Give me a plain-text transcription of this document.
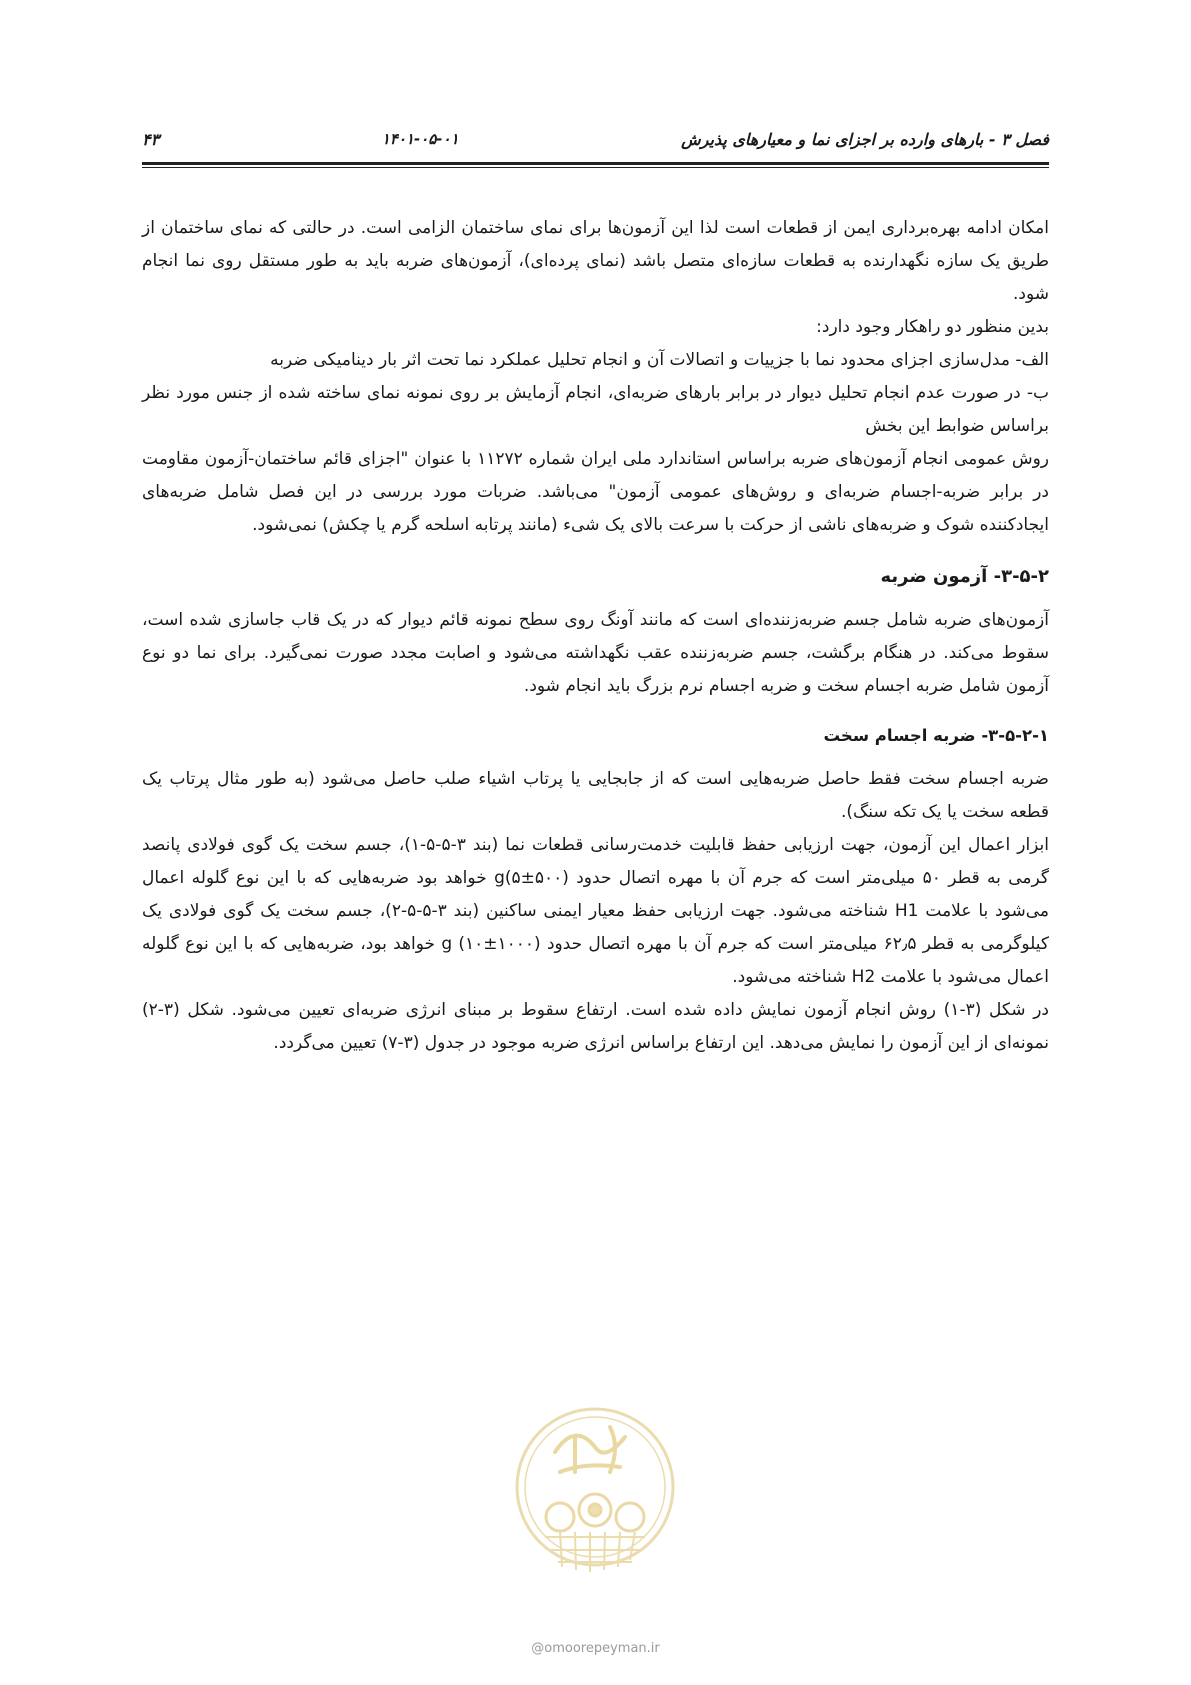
۴۳	۱۴۰۱-۰۵-۰۱	فصل ۳ - بارهای وارده بر اجزای نما و معیارهای پذیرش

امکان ادامه بهره‌برداری ایمن از قطعات است لذا این آزمون‌ها برای نمای ساختمان الزامی است. در حالتی که نمای ساختمان از طریق یک سازه نگهدارنده به قطعات سازه‌ای متصل باشد (نمای پرده‌ای)، آزمون‌های ضربه باید به طور مستقل روی نما انجام شود.

بدین منظور دو راهکار وجود دارد:

الف- مدل‌سازی اجزای محدود نما با جزییات و اتصالات آن و انجام تحلیل عملکرد نما تحت اثر بار دینامیکی ضربه

ب- در صورت عدم انجام تحلیل دیوار در برابر بارهای ضربه‌ای، انجام آزمایش بر روی نمونه نمای ساخته شده از جنس مورد نظر براساس ضوابط این بخش

روش عمومی انجام آزمون‌های ضربه براساس استاندارد ملی ایران شماره ۱۱۲۷۲ با عنوان "اجزای قائم ساختمان-آزمون مقاومت در برابر ضربه-اجسام ضربه‌ای و روش‌های عمومی آزمون" می‌باشد. ضربات مورد بررسی در این فصل شامل ضربه‌های ایجادکننده شوک و ضربه‌های ناشی از حرکت با سرعت بالای یک شیء (مانند پرتابه اسلحه گرم یا چکش) نمی‌شود.

۳-۵-۲- آزمون ضربه

آزمون‌های ضربه شامل جسم ضربه‌زننده‌ای است که مانند آونگ روی سطح نمونه قائم دیوار که در یک قاب جاسازی شده است، سقوط می‌کند. در هنگام برگشت، جسم ضربه‌زننده عقب نگهداشته می‌شود و اصابت مجدد صورت نمی‌گیرد. برای نما دو نوع آزمون شامل ضربه اجسام سخت و ضربه اجسام نرم بزرگ باید انجام شود.

۳-۵-۲-۱- ضربه اجسام سخت

ضربه اجسام سخت فقط حاصل ضربه‌هایی است که از جابجایی یا پرتاب اشیاء صلب حاصل می‌شود (به طور مثال پرتاب یک قطعه سخت یا یک تکه سنگ).

ابزار اعمال این آزمون، جهت ارزیابی حفظ قابلیت خدمت‌رسانی قطعات نما (بند ۳-۵-۵-۱)، جسم سخت یک گوی فولادی پانصد گرمی به قطر ۵۰ میلی‌متر است که جرم آن با مهره اتصال حدود g(۵±۵۰۰) خواهد بود ضربه‌هایی که با این نوع گلوله اعمال می‌شود با علامت H1 شناخته می‌شود. جهت ارزیابی حفظ معیار ایمنی ساکنین (بند ۳-۵-۵-۲)، جسم سخت یک گوی فولادی یک کیلوگرمی به قطر ۶۲٫۵ میلی‌متر است که جرم آن با مهره اتصال حدود g (۱۰±۱۰۰۰) خواهد بود، ضربه‌هایی که با این نوع گلوله اعمال می‌شود با علامت H2 شناخته می‌شود.

در شکل (۳-۱) روش انجام آزمون نمایش داده شده است. ارتفاع سقوط بر مبنای انرژی ضربه‌ای تعیین می‌شود. شکل (۳-۲) نمونه‌ای از این آزمون را نمایش می‌دهد. این ارتفاع براساس انرژی ضربه موجود در جدول (۳-۷) تعیین می‌گردد.

@omoorepeyman.ir
